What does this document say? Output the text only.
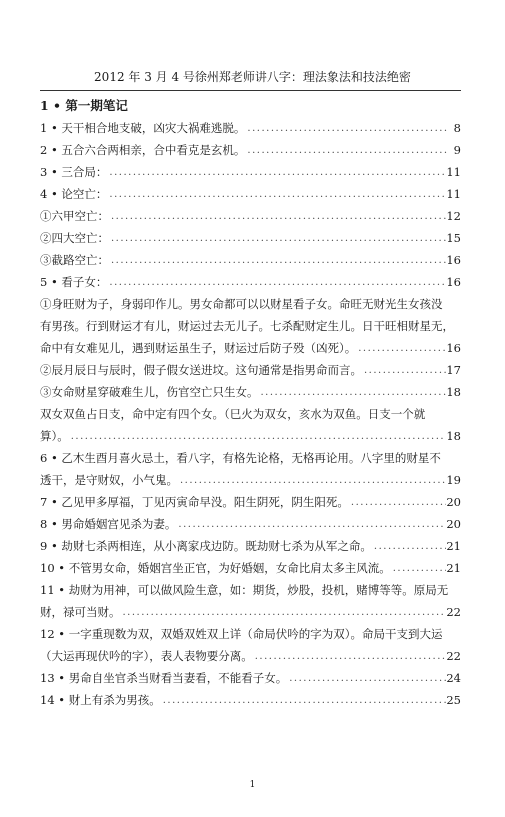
2012 年 3 月 4 号徐州郑老师讲八字：理法象法和技法绝密
1 • 第一期笔记
1 • 天干相合地支破，凶灾大祸难逃脱。 .....	8
2 • 五合六合两相亲，合中看克是玄机。 .....	9
3 • 三合局： .....	11
4 • 论空亡： .....	11
①六甲空亡： .....	12
②四大空亡： .....	15
③截路空亡： .....	16
5 • 看子女： .....	16
①身旺财为子，身弱印作儿。男女命都可以以财星看子女。命旺无财光生女孩没
有男孩。行到财运才有儿，财运过去无儿子。七杀配财定生儿。日干旺相财星无，
命中有女难见儿，遇到财运虽生子，财运过后防子殁（凶死）。 .....	16
②辰月辰日与辰时，假子假女送进坟。这句通常是指男命而言。 .....	17
③女命财星穿破难生儿，伤官空亡只生女。 .....	18
双女双鱼占日支，命中定有四个女。（巳火为双女，亥水为双鱼。日支一个就
算）。 .....	18
6 • 乙木生酉月喜火忌土，看八字，有格先论格，无格再论用。八字里的财星不
透干，是守财奴，小气鬼。 .....	19
7 • 乙见甲多厚福，丁见丙寅命早没。阳生阴死，阴生阳死。 .....	20
8 • 男命婚姻宫见杀为妻。 .....	20
9 • 劫财七杀两相连，从小离家戌边防。既劫财七杀为从军之命。 .....	21
10 • 不管男女命，婚姻宫坐正官，为好婚姻，女命比肩太多主风流。 .....	21
11 • 劫财为用神，可以做风险生意，如：期货，炒股，投机，赌博等等。原局无
财，禄可当财。 .....	22
12 • 一字重现数为双，双婚双姓双上详（命局伏吟的字为双）。命局干支到大运
（大运再现伏吟的字），表人表物要分离。 .....	22
13 • 男命自坐官杀当财看当妻看，不能看子女。 .....	24
14 • 财上有杀为男孩。 .....	25
1
